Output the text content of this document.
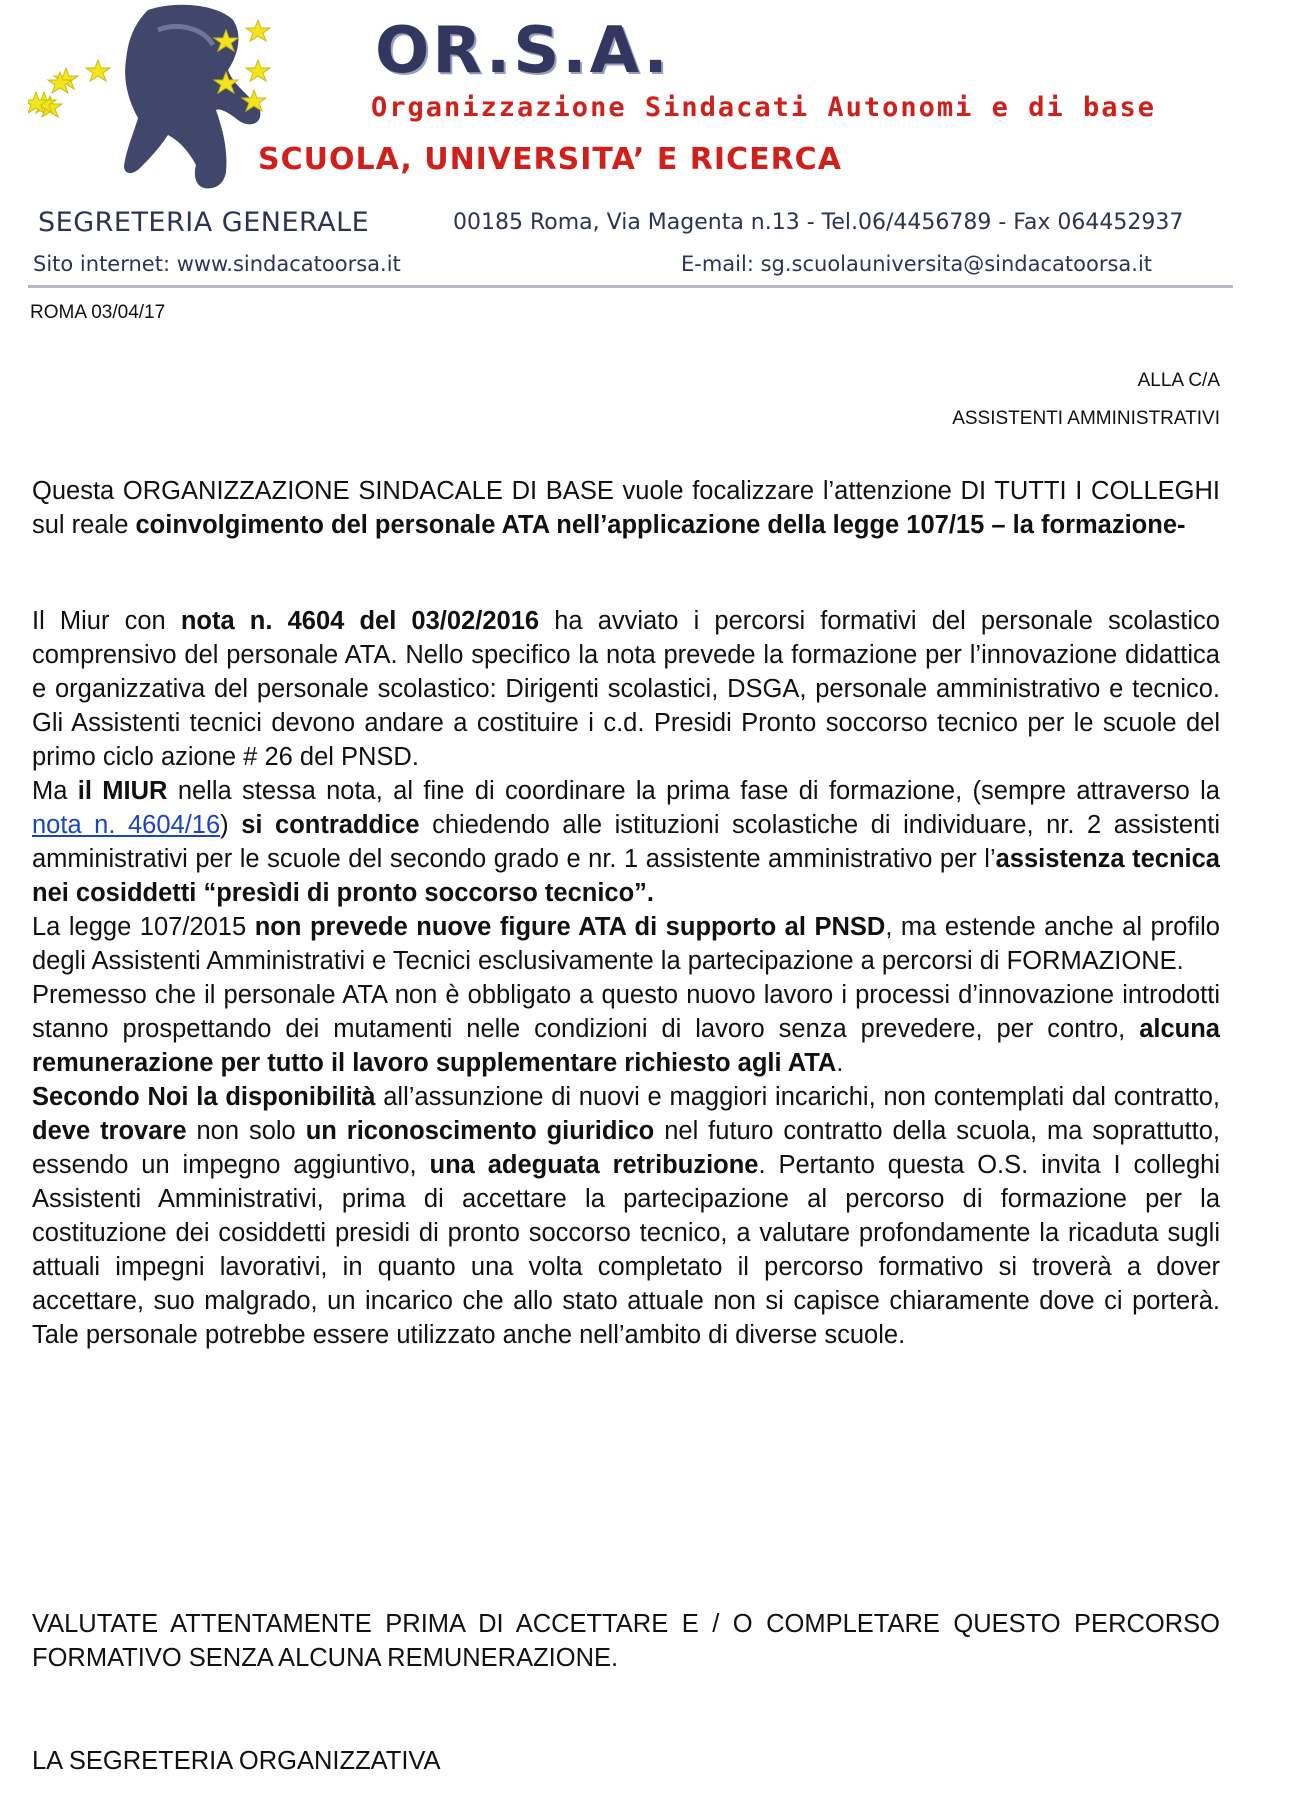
OR.S.A.
Organizzazione Sindacati Autonomi e di base
SCUOLA, UNIVERSITA’ E RICERCA
SEGRETERIA GENERALE	00185 Roma, Via Magenta n.13 - Tel.06/4456789 - Fax 064452937
Sito internet: www.sindacatoorsa.it	E-mail: sg.scuolauniversita@sindacatoorsa.it
ROMA 03/04/17
ALLA C/A
ASSISTENTI AMMINISTRATIVI
Questa ORGANIZZAZIONE SINDACALE DI BASE vuole focalizzare l’attenzione DI TUTTI I COLLEGHI sul reale coinvolgimento del personale ATA nell’applicazione della legge 107/15 – la formazione-

Il Miur con nota n. 4604 del 03/02/2016 ha avviato i percorsi formativi del personale scolastico comprensivo del personale ATA. Nello specifico la nota prevede la formazione per l’innovazione didattica e organizzativa del personale scolastico: Dirigenti scolastici, DSGA, personale amministrativo e tecnico. Gli Assistenti tecnici devono andare a costituire i c.d. Presidi Pronto soccorso tecnico per le scuole del primo ciclo azione # 26 del PNSD.

Ma il MIUR nella stessa nota, al fine di coordinare la prima fase di formazione, (sempre attraverso la nota n. 4604/16) si contraddice chiedendo alle istituzioni scolastiche di individuare, nr. 2 assistenti amministrativi per le scuole del secondo grado e nr. 1 assistente amministrativo per l’assistenza tecnica nei cosiddetti “presìdi di pronto soccorso tecnico”.

La legge 107/2015 non prevede nuove figure ATA di supporto al PNSD, ma estende anche al profilo degli Assistenti Amministrativi e Tecnici esclusivamente la partecipazione a percorsi di FORMAZIONE.

Premesso che il personale ATA non è obbligato a questo nuovo lavoro i processi d’innovazione introdotti stanno prospettando dei mutamenti nelle condizioni di lavoro senza prevedere, per contro, alcuna remunerazione per tutto il lavoro supplementare richiesto agli ATA.

Secondo Noi la disponibilità all’assunzione di nuovi e maggiori incarichi, non contemplati dal contratto, deve trovare non solo un riconoscimento giuridico nel futuro contratto della scuola, ma soprattutto, essendo un impegno aggiuntivo, una adeguata retribuzione. Pertanto questa O.S. invita I colleghi Assistenti Amministrativi, prima di accettare la partecipazione al percorso di formazione per la costituzione dei cosiddetti presidi di pronto soccorso tecnico, a valutare profondamente la ricaduta sugli attuali impegni lavorativi, in quanto una volta completato il percorso formativo si troverà a dover accettare, suo malgrado, un incarico che allo stato attuale non si capisce chiaramente dove ci porterà. Tale personale potrebbe essere utilizzato anche nell’ambito di diverse scuole.

VALUTATE ATTENTAMENTE PRIMA DI ACCETTARE E / O COMPLETARE QUESTO PERCORSO FORMATIVO SENZA ALCUNA REMUNERAZIONE.
LA SEGRETERIA ORGANIZZATIVA
